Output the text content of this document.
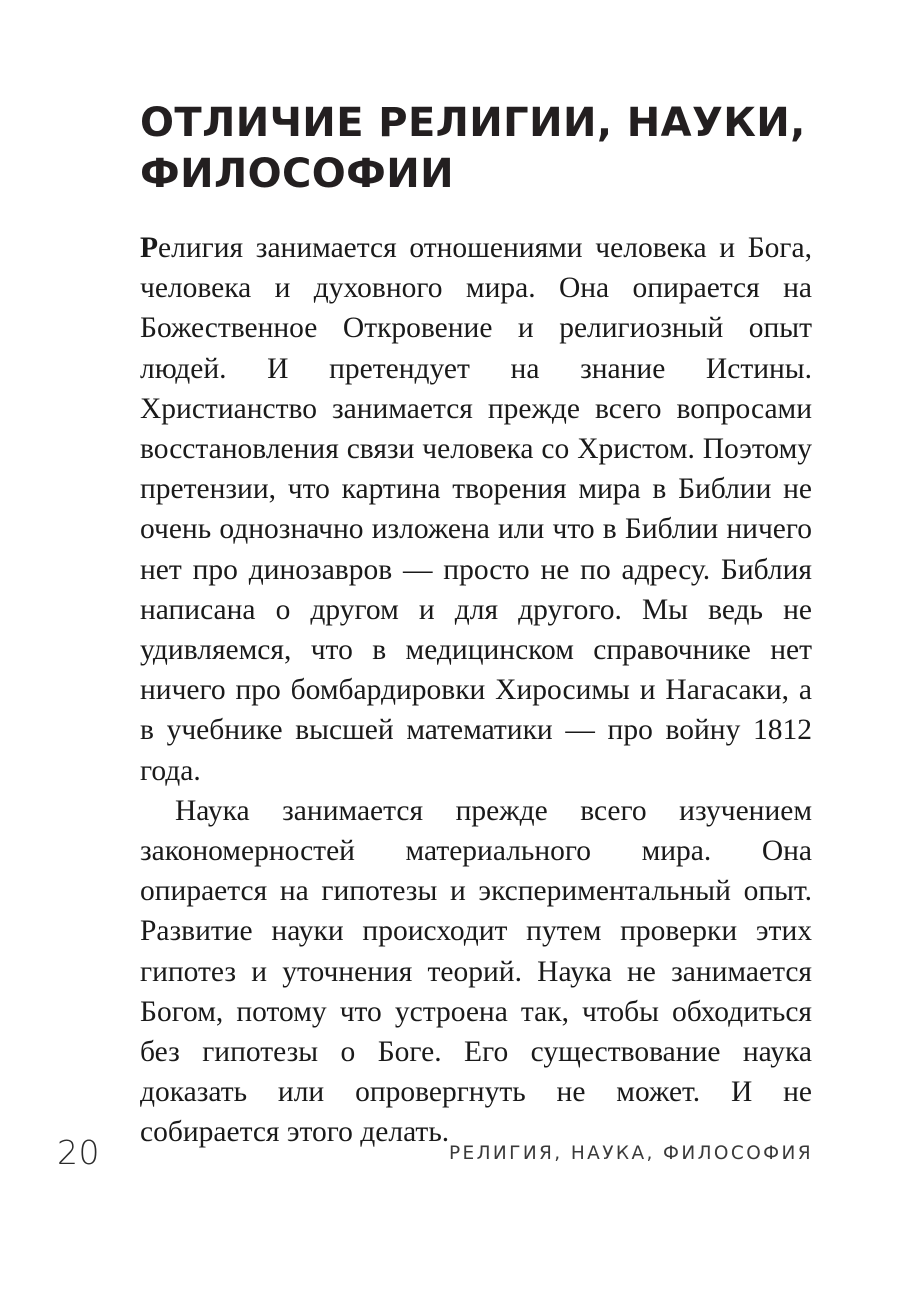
ОТЛИЧИЕ РЕЛИГИИ, НАУКИ, ФИЛОСОФИИ

Религия занимается отношениями человека и Бога, человека и духовного мира. Она опирается на Божественное Откровение и религиозный опыт людей. И претендует на знание Истины. Христианство занимается прежде всего вопросами восстановления связи человека со Христом. Поэтому претензии, что картина творения мира в Библии не очень однозначно изложена или что в Библии ничего нет про динозавров — просто не по адресу. Библия написана о другом и для другого. Мы ведь не удивляемся, что в медицинском справочнике нет ничего про бомбардировки Хиросимы и Нагасаки, а в учебнике высшей математики — про войну 1812 года.

Наука занимается прежде всего изучением закономерностей материального мира. Она опирается на гипотезы и экспериментальный опыт. Развитие науки происходит путем проверки этих гипотез и уточнения теорий. Наука не занимается Богом, потому что устроена так, чтобы обходиться без гипотезы о Боге. Его существование наука доказать или опровергнуть не может. И не собирается этого делать.

20	РЕЛИГИЯ, НАУКА, ФИЛОСОФИЯ
